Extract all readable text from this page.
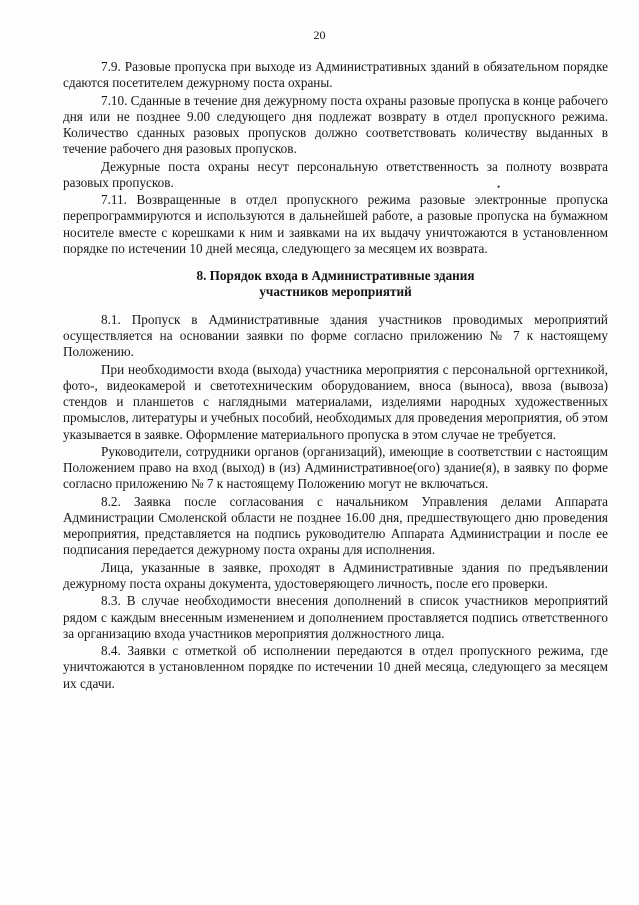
20
•

7.9. Разовые пропуска при выходе из Административных зданий в обязательном порядке сдаются посетителем дежурному поста охраны.

7.10. Сданные в течение дня дежурному поста охраны разовые пропуска в конце рабочего дня или не позднее 9.00 следующего дня подлежат возврату в отдел пропускного режима. Количество сданных разовых пропусков должно соответствовать количеству выданных в течение рабочего дня разовых пропусков.

Дежурные поста охраны несут персональную ответственность за полноту возврата разовых пропусков.

7.11. Возвращенные в отдел пропускного режима разовые электронные пропуска перепрограммируются и используются в дальнейшей работе, а разовые пропуска на бумажном носителе вместе с корешками к ним и заявками на их выдачу уничтожаются в установленном порядке по истечении 10 дней месяца, следующего за месяцем их возврата.

8. Порядок входа в Административные здания
участников мероприятий

8.1. Пропуск в Административные здания участников проводимых мероприятий осуществляется на основании заявки по форме согласно приложению № 7 к настоящему Положению.

При необходимости входа (выхода) участника мероприятия с персональной оргтехникой, фото-, видеокамерой и светотехническим оборудованием, вноса (выноса), ввоза (вывоза) стендов и планшетов с наглядными материалами, изделиями народных художественных промыслов, литературы и учебных пособий, необходимых для проведения мероприятия, об этом указывается в заявке. Оформление материального пропуска в этом случае не требуется.

Руководители, сотрудники органов (организаций), имеющие в соответствии с настоящим Положением право на вход (выход) в (из) Административное(ого) здание(я), в заявку по форме согласно приложению № 7 к настоящему Положению могут не включаться.

8.2. Заявка после согласования с начальником Управления делами Аппарата Администрации Смоленской области не позднее 16.00 дня, предшествующего дню проведения мероприятия, представляется на подпись руководителю Аппарата Администрации и после ее подписания передается дежурному поста охраны для исполнения.

Лица, указанные в заявке, проходят в Административные здания по предъявлении дежурному поста охраны документа, удостоверяющего личность, после его проверки.

8.3. В случае необходимости внесения дополнений в список участников мероприятий рядом с каждым внесенным изменением и дополнением проставляется подпись ответственного за организацию входа участников мероприятия должностного лица.

8.4. Заявки с отметкой об исполнении передаются в отдел пропускного режима, где уничтожаются в установленном порядке по истечении 10 дней месяца, следующего за месяцем их сдачи.
